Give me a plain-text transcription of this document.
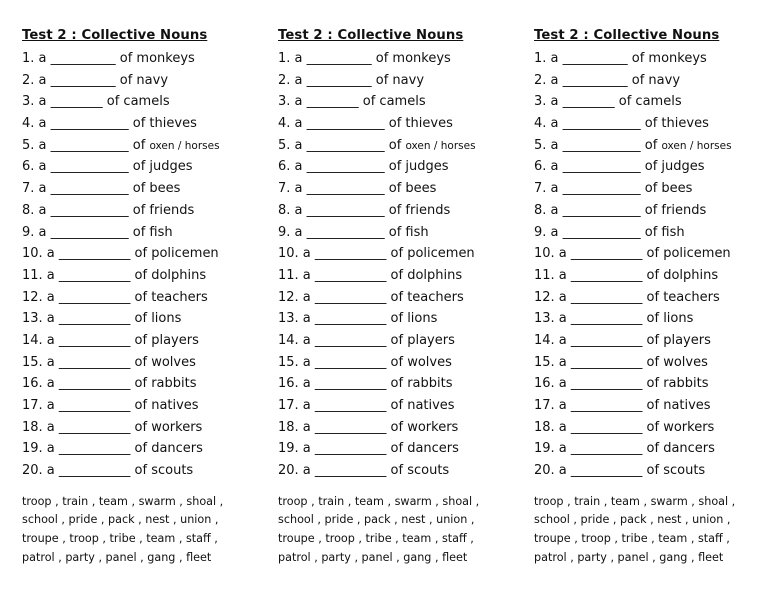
Test 2 : Collective Nouns
1. a __________ of monkeys
2. a __________ of navy
3. a ________ of camels
4. a ____________ of thieves
5. a ____________ of oxen / horses
6. a ____________ of judges
7. a ____________ of bees
8. a ____________ of friends
9. a ____________ of fish
10. a ___________ of policemen
11. a ___________ of dolphins
12. a ___________ of teachers
13. a ___________ of lions
14. a ___________ of players
15. a ___________ of wolves
16. a ___________ of rabbits
17. a ___________ of natives
18. a ___________ of workers
19. a ___________ of dancers
20. a ___________ of scouts
troop , train , team , swarm , shoal ,
school , pride , pack , nest , union ,
troupe , troop , tribe , team , staff ,
patrol , party , panel , gang , fleet
Test 2 : Collective Nouns
1. a __________ of monkeys
2. a __________ of navy
3. a ________ of camels
4. a ____________ of thieves
5. a ____________ of oxen / horses
6. a ____________ of judges
7. a ____________ of bees
8. a ____________ of friends
9. a ____________ of fish
10. a ___________ of policemen
11. a ___________ of dolphins
12. a ___________ of teachers
13. a ___________ of lions
14. a ___________ of players
15. a ___________ of wolves
16. a ___________ of rabbits
17. a ___________ of natives
18. a ___________ of workers
19. a ___________ of dancers
20. a ___________ of scouts
troop , train , team , swarm , shoal ,
school , pride , pack , nest , union ,
troupe , troop , tribe , team , staff ,
patrol , party , panel , gang , fleet
Test 2 : Collective Nouns
1. a __________ of monkeys
2. a __________ of navy
3. a ________ of camels
4. a ____________ of thieves
5. a ____________ of oxen / horses
6. a ____________ of judges
7. a ____________ of bees
8. a ____________ of friends
9. a ____________ of fish
10. a ___________ of policemen
11. a ___________ of dolphins
12. a ___________ of teachers
13. a ___________ of lions
14. a ___________ of players
15. a ___________ of wolves
16. a ___________ of rabbits
17. a ___________ of natives
18. a ___________ of workers
19. a ___________ of dancers
20. a ___________ of scouts
troop , train , team , swarm , shoal ,
school , pride , pack , nest , union ,
troupe , troop , tribe , team , staff ,
patrol , party , panel , gang , fleet
